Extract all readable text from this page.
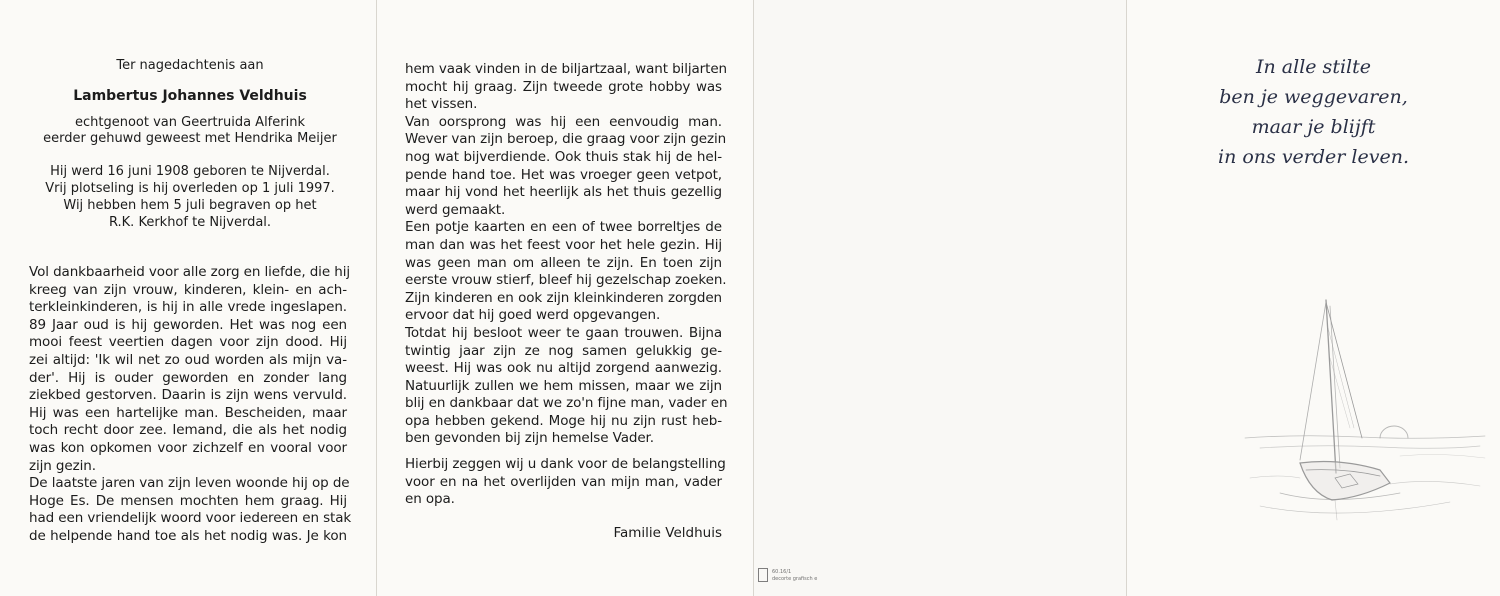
Ter nagedachtenis aan
Lambertus Johannes Veldhuis
echtgenoot van Geertruida Alferink
eerder gehuwd geweest met Hendrika Meijer
Hij werd 16 juni 1908 geboren te Nijverdal.
Vrij plotseling is hij overleden op 1 juli 1997.
Wij hebben hem 5 juli begraven op het
R.K. Kerkhof te Nijverdal.
Vol dankbaarheid voor alle zorg en liefde, die hij
kreeg van zijn vrouw, kinderen, klein- en ach-
terkleinkinderen, is hij in alle vrede ingeslapen.
89 Jaar oud is hij geworden. Het was nog een
mooi feest veertien dagen voor zijn dood. Hij
zei altijd: 'Ik wil net zo oud worden als mijn va-
der'. Hij is ouder geworden en zonder lang
ziekbed gestorven. Daarin is zijn wens vervuld.
Hij was een hartelijke man. Bescheiden, maar
toch recht door zee. Iemand, die als het nodig
was kon opkomen voor zichzelf en vooral voor
zijn gezin.
De laatste jaren van zijn leven woonde hij op de
Hoge Es. De mensen mochten hem graag. Hij
had een vriendelijk woord voor iedereen en stak
de helpende hand toe als het nodig was. Je kon
hem vaak vinden in de biljartzaal, want biljarten
mocht hij graag. Zijn tweede grote hobby was
het vissen.
Van oorsprong was hij een eenvoudig man.
Wever van zijn beroep, die graag voor zijn gezin
nog wat bijverdiende. Ook thuis stak hij de hel-
pende hand toe. Het was vroeger geen vetpot,
maar hij vond het heerlijk als het thuis gezellig
werd gemaakt.
Een potje kaarten en een of twee borreltjes de
man dan was het feest voor het hele gezin. Hij
was geen man om alleen te zijn. En toen zijn
eerste vrouw stierf, bleef hij gezelschap zoeken.
Zijn kinderen en ook zijn kleinkinderen zorgden
ervoor dat hij goed werd opgevangen.
Totdat hij besloot weer te gaan trouwen. Bijna
twintig jaar zijn ze nog samen gelukkig ge-
weest. Hij was ook nu altijd zorgend aanwezig.
Natuurlijk zullen we hem missen, maar we zijn
blij en dankbaar dat we zo'n fijne man, vader en
opa hebben gekend. Moge hij nu zijn rust heb-
ben gevonden bij zijn hemelse Vader.
Hierbij zeggen wij u dank voor de belangstelling
voor en na het overlijden van mijn man, vader
en opa.
Familie Veldhuis
60.16/1
decorte grafisch e
In alle stilte
ben je weggevaren,
maar je blijft
in ons verder leven.
